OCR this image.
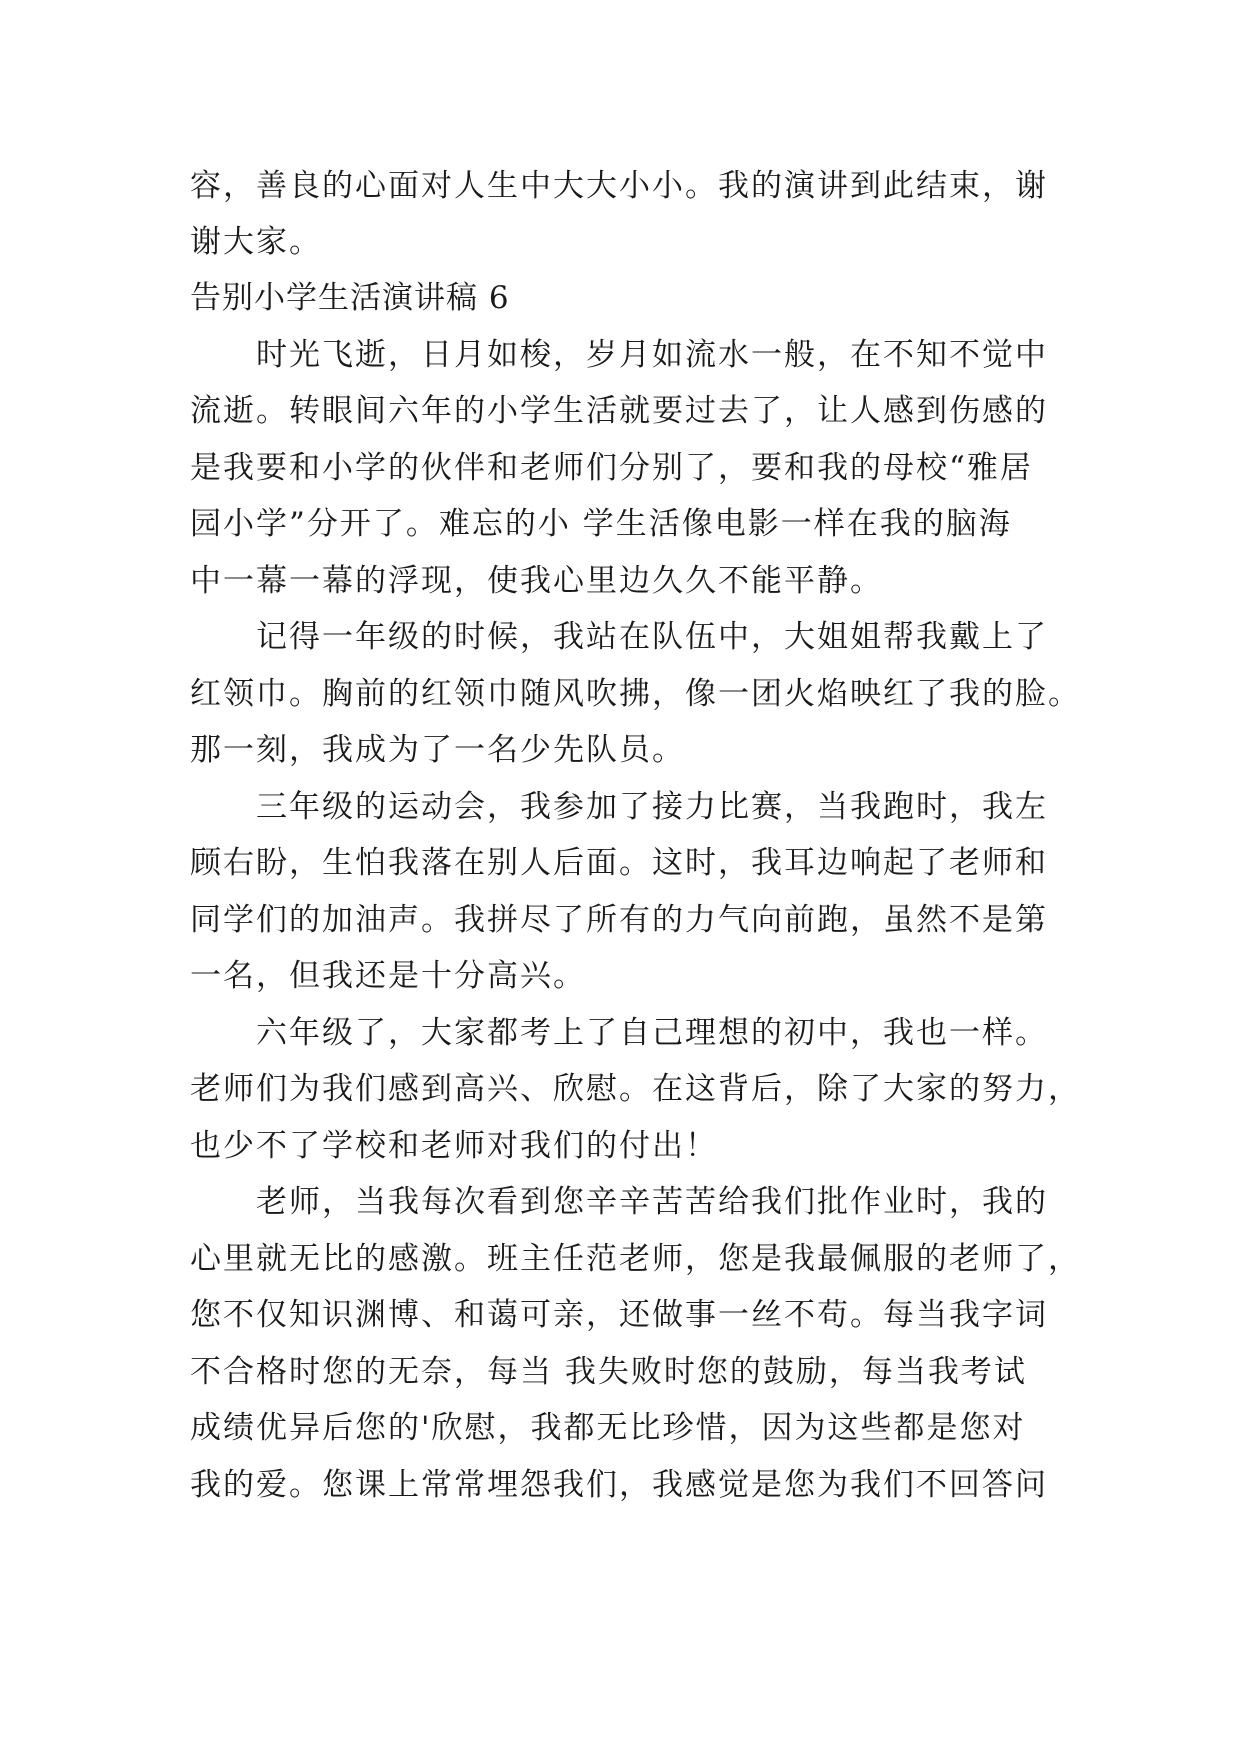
容，善良的心面对人生中大大小小。我的演讲到此结束，谢
谢大家。
告别小学生活演讲稿 6
时光飞逝，日月如梭，岁月如流水一般，在不知不觉中
流逝。转眼间六年的小学生活就要过去了，让人感到伤感的
是我要和小学的伙伴和老师们分别了，要和我的母校“雅居
园小学”分开了。难忘的小 学生活像电影一样在我的脑海
中一幕一幕的浮现，使我心里边久久不能平静。
记得一年级的时候，我站在队伍中，大姐姐帮我戴上了
红领巾。胸前的红领巾随风吹拂，像一团火焰映红了我的脸。
那一刻，我成为了一名少先队员。
三年级的运动会，我参加了接力比赛，当我跑时，我左
顾右盼，生怕我落在别人后面。这时，我耳边响起了老师和
同学们的加油声。我拼尽了所有的力气向前跑，虽然不是第
一名，但我还是十分高兴。
六年级了，大家都考上了自己理想的初中，我也一样。
老师们为我们感到高兴、欣慰。在这背后，除了大家的努力，
也少不了学校和老师对我们的付出！
老师，当我每次看到您辛辛苦苦给我们批作业时，我的
心里就无比的感激。班主任范老师，您是我最佩服的老师了，
您不仅知识渊博、和蔼可亲，还做事一丝不苟。每当我字词
不合格时您的无奈，每当 我失败时您的鼓励，每当我考试
成绩优异后您的'欣慰，我都无比珍惜，因为这些都是您对
我的爱。您课上常常埋怨我们，我感觉是您为我们不回答问
